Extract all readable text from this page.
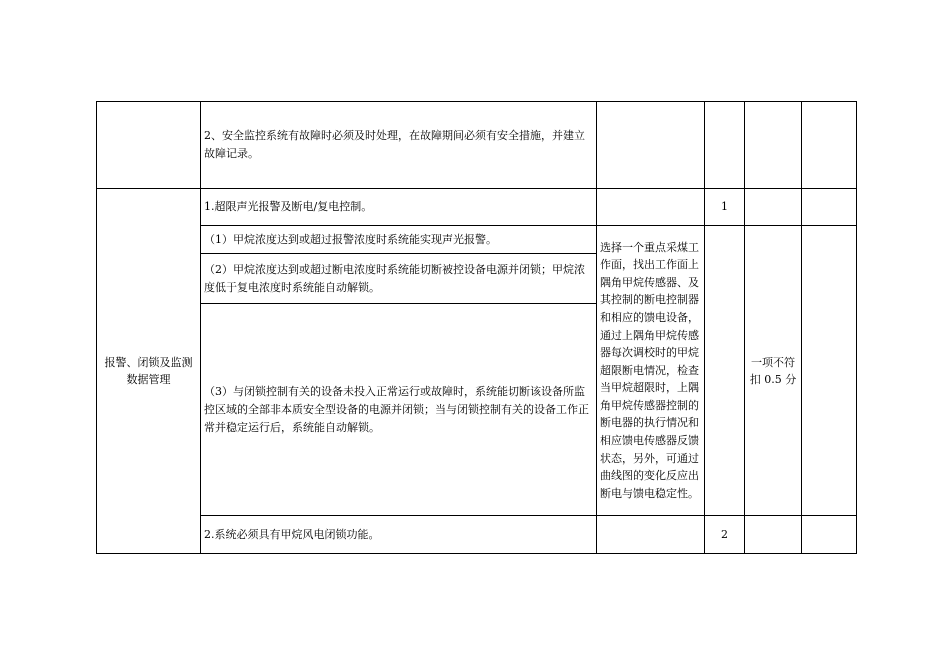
	2、安全监控系统有故障时必须及时处理，在故障期间必须有安全措施，并建立故障记录。				
报警、闭锁及监测数据管理	1.超限声光报警及断电/复电控制。		1		
	（1）甲烷浓度达到或超过报警浓度时系统能实现声光报警。	选择一个重点采煤工作面，找出工作面上隅角甲烷传感器、及其控制的断电控制器和相应的馈电设备，通过上隅角甲烷传感器每次调校时的甲烷超限断电情况，检查当甲烷超限时，上隅角甲烷传感器控制的断电器的执行情况和相应馈电传感器反馈状态，另外，可通过曲线图的变化反应出断电与馈电稳定性。		一项不符扣 0.5 分	
	（2）甲烷浓度达到或超过断电浓度时系统能切断被控设备电源并闭锁；甲烷浓度低于复电浓度时系统能自动解锁。				
	（3）与闭锁控制有关的设备未投入正常运行或故障时，系统能切断该设备所监控区域的全部非本质安全型设备的电源并闭锁；当与闭锁控制有关的设备工作正常并稳定运行后，系统能自动解锁。				
	2.系统必须具有甲烷风电闭锁功能。		2		
